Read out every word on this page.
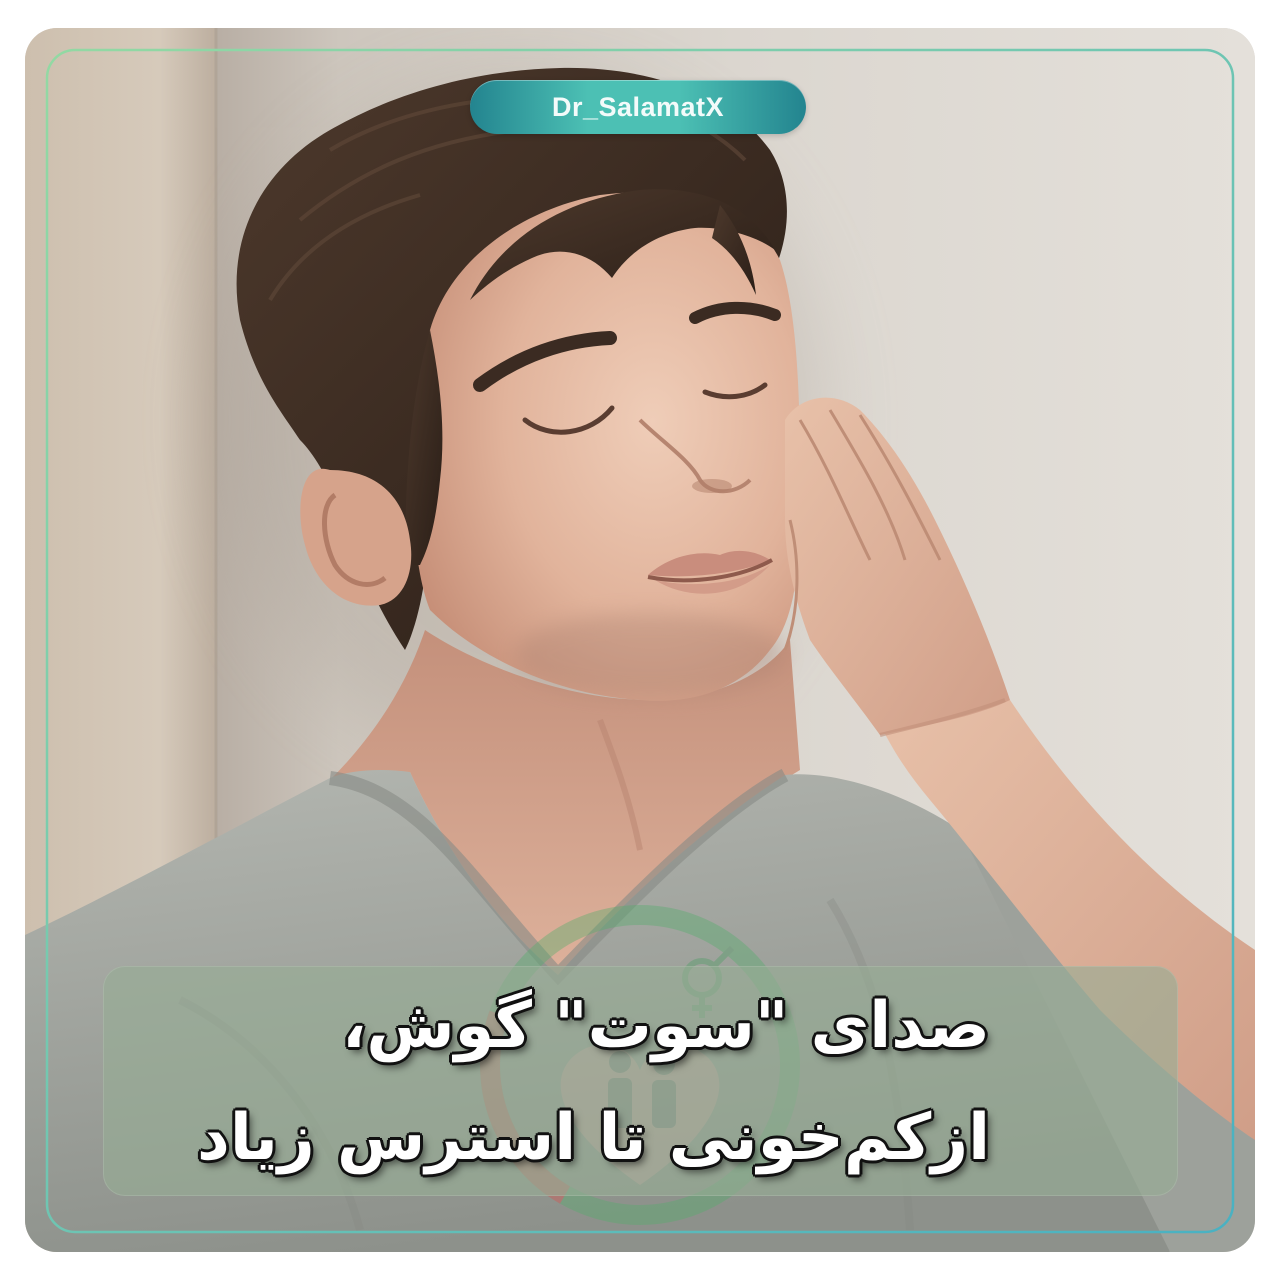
Dr_SalamatX
صدای "سوت" گوش،
ازکم‌خونی تا استرس زیاد
